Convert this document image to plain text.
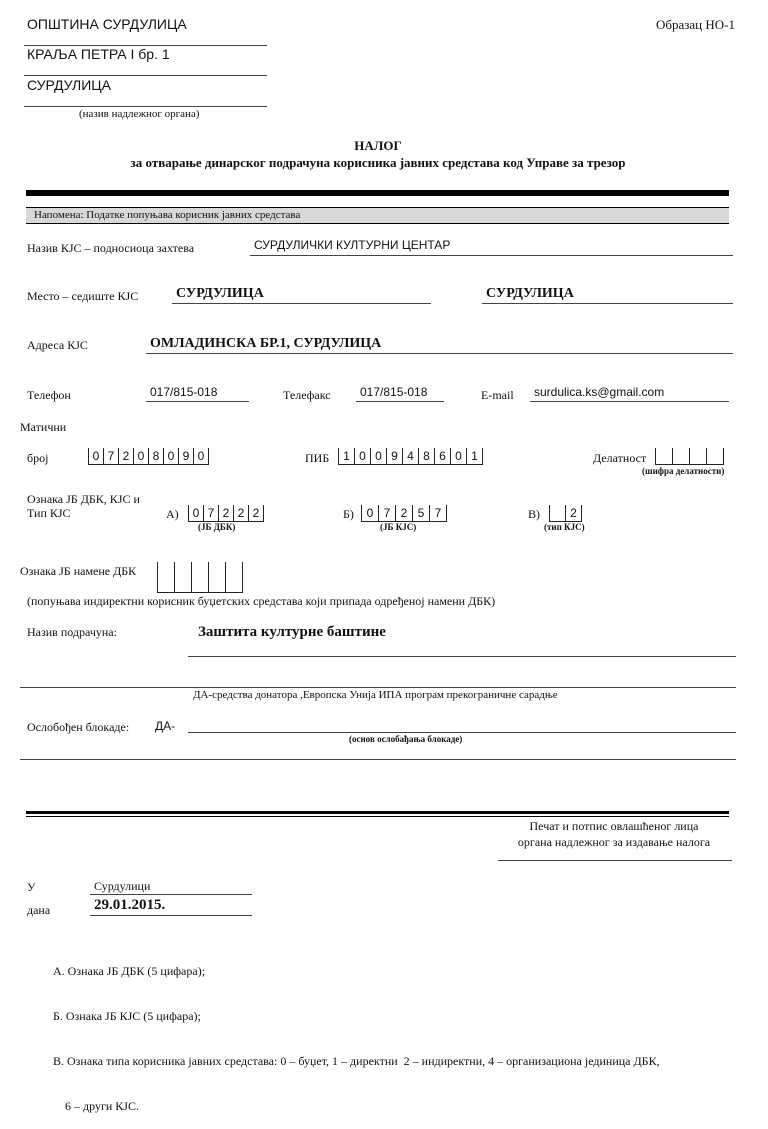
ОПШТИНА СУРДУЛИЦА
КРАЉА ПЕТРА I бр. 1
СУРДУЛИЦА
(назив надлежног органа)
Образац НО-1
НАЛОГ
за отварање динарског подрачуна корисника јавних средстава код Управе за трезор
Напомена: Податке попуњава корисник јавних средстава
Назив КЈС – подносиоца захтева	СУРДУЛИЧКИ КУЛТУРНИ ЦЕНТАР
Место – седиште КЈС	СУРДУЛИЦА	СУРДУЛИЦА
Адреса КЈС	ОМЛАДИНСКА БР.1, СУРДУЛИЦА
Телефон	017/815-018	Телефакс	017/815-018	E-mail	surdulica.ks@gmail.com
Матични
број	0 7 2 0 8 0 9 0	ПИБ	1 0 0 9 4 8 6 0 1	Делатност
(шифра делатности)
Ознака ЈБ ДБК, КЈС и
Тип КЈС	А)	0 7 2 2 2
(ЈБ ДБК)
Б)	0 7 2 5 7
(ЈБ КЈС)
В)	2
(тип КЈС)
Ознака ЈБ намене ДБК
(попуњава индиректни корисник буџетских средстава који припада одређеној намени ДБК)
Назив подрачуна:	Заштита културне баштине
ДА-средства донатора ,Европска Унија ИПА програм прекограничне сарадње
Ослобођен блокаде: ДА-
(основ ослобађања блокаде)
Печат и потпис овлашћеног лица
органа надлежног за издавање налога
У	Сурдулици
дана	29.01.2015.

А. Ознака ЈБ ДБК (5 цифара);

Б. Ознака ЈБ КЈС (5 цифара);

В. Ознака типа корисника јавних средстава: 0 – буџет, 1 – директни  2 – индиректни, 4 – организациона јединица ДБК,

6 – други КЈС.
